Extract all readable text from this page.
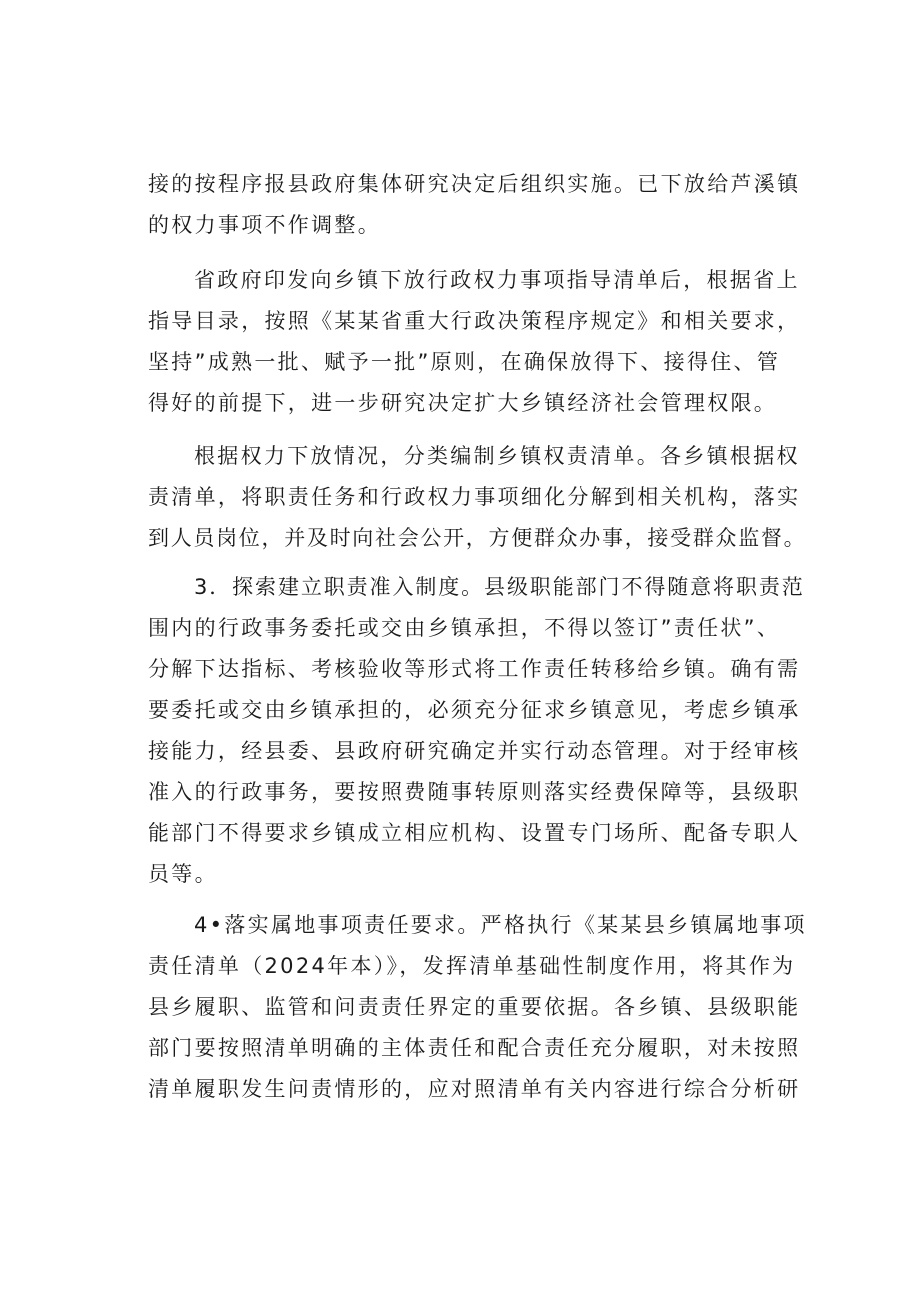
接的按程序报县政府集体研究决定后组织实施。已下放给芦溪镇
的权力事项不作调整。

省政府印发向乡镇下放行政权力事项指导清单后，根据省上
指导目录，按照《某某省重大行政决策程序规定》和相关要求，
坚持”成熟一批、赋予一批”原则，在确保放得下、接得住、管
得好的前提下，进一步研究决定扩大乡镇经济社会管理权限。

根据权力下放情况，分类编制乡镇权责清单。各乡镇根据权
责清单，将职责任务和行政权力事项细化分解到相关机构，落实
到人员岗位，并及时向社会公开，方便群众办事，接受群众监督。

3．探索建立职责准入制度。县级职能部门不得随意将职责范
围内的行政事务委托或交由乡镇承担，不得以签订”责任状”、
分解下达指标、考核验收等形式将工作责任转移给乡镇。确有需
要委托或交由乡镇承担的，必须充分征求乡镇意见，考虑乡镇承
接能力，经县委、县政府研究确定并实行动态管理。对于经审核
准入的行政事务，要按照费随事转原则落实经费保障等，县级职
能部门不得要求乡镇成立相应机构、设置专门场所、配备专职人
员等。

4•落实属地事项责任要求。严格执行《某某县乡镇属地事项
责任清单（2024年本）》，发挥清单基础性制度作用，将其作为
县乡履职、监管和问责责任界定的重要依据。各乡镇、县级职能
部门要按照清单明确的主体责任和配合责任充分履职，对未按照
清单履职发生问责情形的，应对照清单有关内容进行综合分析研
